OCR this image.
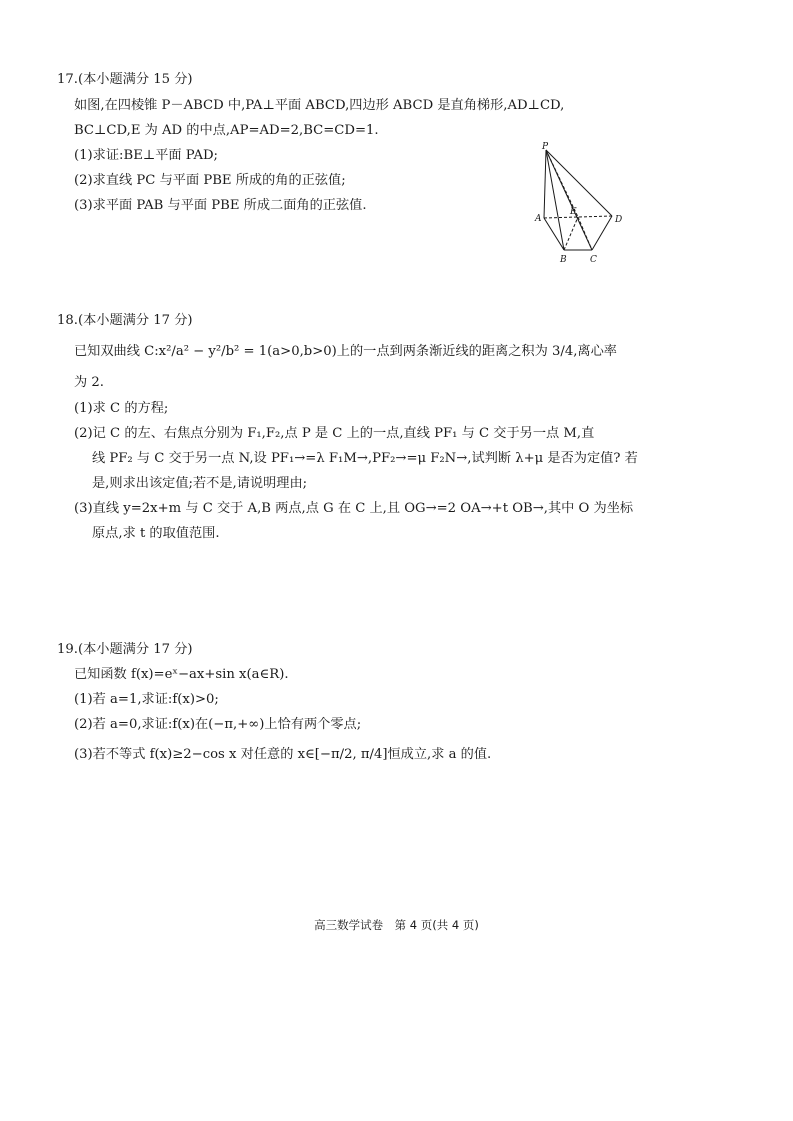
17.(本小题满分 15 分)
如图,在四棱锥 P－ABCD 中,PA⊥平面 ABCD,四边形 ABCD 是直角梯形,AD⊥CD,
BC⊥CD,E 为 AD 的中点,AP=AD=2,BC=CD=1.
(1)求证:BE⊥平面 PAD;
(2)求直线 PC 与平面 PBE 所成的角的正弦值;
(3)求平面 PAB 与平面 PBE 所成二面角的正弦值.
P
A
B	C
D
E
18.(本小题满分 17 分)
已知双曲线 C:x²/a² − y²/b² = 1(a>0,b>0)上的一点到两条渐近线的距离之积为 3/4,离心率
为 2.
(1)求 C 的方程;
(2)记 C 的左、右焦点分别为 F₁,F₂,点 P 是 C 上的一点,直线 PF₁ 与 C 交于另一点 M,直
线 PF₂ 与 C 交于另一点 N,设 PF₁→=λ F₁M→,PF₂→=μ F₂N→,试判断 λ+μ 是否为定值? 若
是,则求出该定值;若不是,请说明理由;
(3)直线 y=2x+m 与 C 交于 A,B 两点,点 G 在 C 上,且 OG→=2 OA→+t OB→,其中 O 为坐标
原点,求 t 的取值范围.
19.(本小题满分 17 分)
已知函数 f(x)=eˣ−ax+sin x(a∈R).
(1)若 a=1,求证:f(x)>0;
(2)若 a=0,求证:f(x)在(−π,+∞)上恰有两个零点;
(3)若不等式 f(x)≥2−cos x 对任意的 x∈[−π/2, π/4]恒成立,求 a 的值.
高三数学试卷　第 4 页(共 4 页)
